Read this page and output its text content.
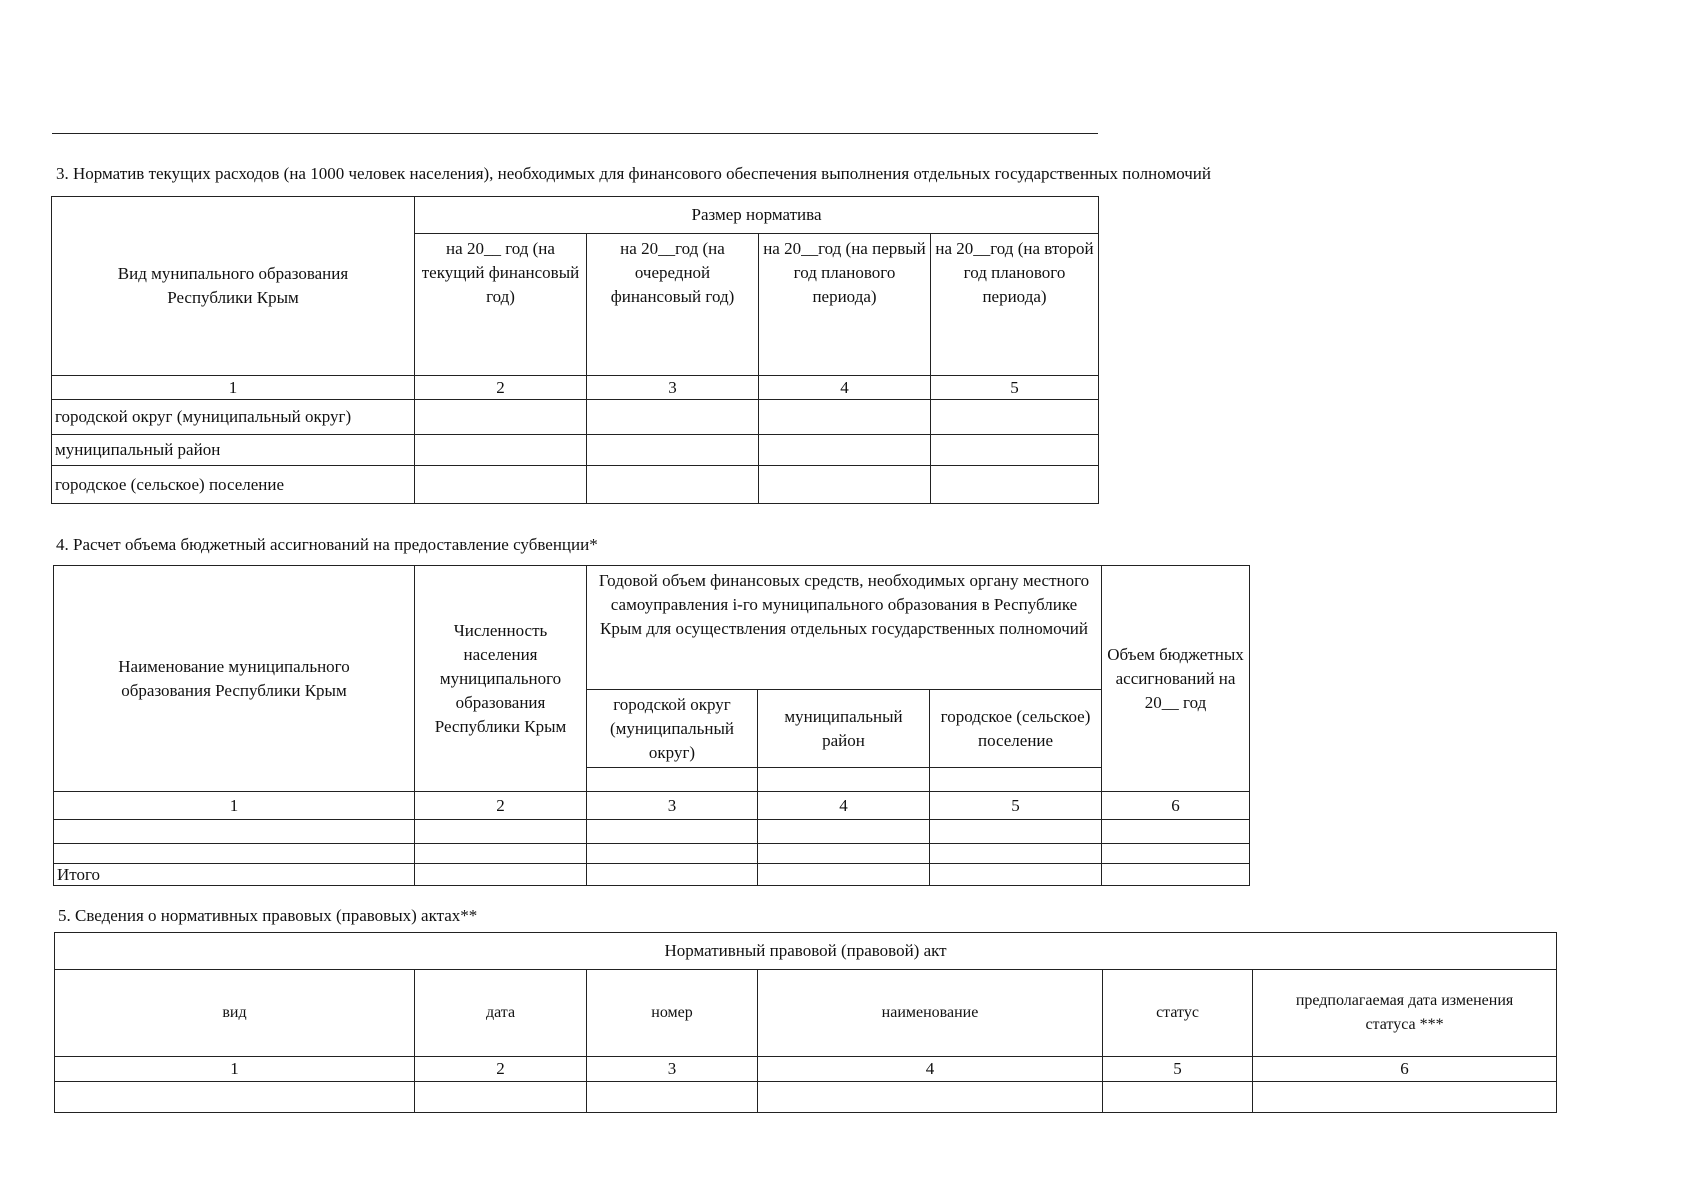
3. Норматив текущих расходов (на 1000 человек населения), необходимых для финансового обеспечения выполнения отдельных государственных полномочий
Вид мунипального образования Республики Крым	Размер норматива			
	на 20__ год (на текущий финансовый год)	на 20__год (на очередной финансовый год)	на 20__год (на первый год планового периода)	на 20__год (на второй год планового периода)
1	2	3	4	5
городской округ (муниципальный округ)				
муниципальный район				
городское (сельское) поселение				
4. Расчет объема бюджетный ассигнований на предоставление субвенции*
Наименование муниципального образования Республики Крым	Численность населения муниципального образования Республики Крым	Годовой объем финансовых средств, необходимых органу местного самоуправления i-го муниципального образования в Республике Крым для осуществления отдельных государственных полномочий			Объем бюджетных ассигнований на 20__ год
		городской округ (муниципальный округ)	муниципальный район	городское (сельское) поселение	

1	2	3	4	5	6

Итого					
5. Сведения о нормативных правовых (правовых) актах**
Нормативный правовой (правовой) акт					
вид	дата	номер	наименование	статус	предполагаемая дата изменения статуса ***
1	2	3	4	5	6
